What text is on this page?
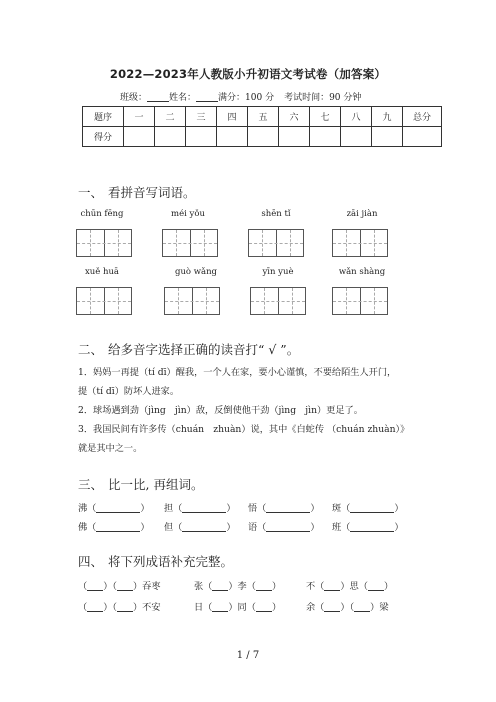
2022—2023年人教版小升初语文考试卷（加答案）
班级： 姓名： 满分：100 分 考试时间：90 分钟
题序	一	二	三	四	五	六	七	八	九	总分
得分										
一、 看拼音写词语。
chūn fēng	méi yǒu	shēn tǐ	zāi jiàn
xuě huā	guò wǎng	yīn yuè	wǎn shàng
二、 给多音字选择正确的读音打“ √ ”。
1．妈妈一再提（tí dī）醒我，一个人在家，要小心谨慎，不要给陌生人开门，
提（tí dī）防坏人进家。
2．球场遇到劲（jìng　jìn）敌，反倒使他干劲（jìng　jìn）更足了。
3．我国民间有许多传（chuán　zhuàn）说，其中《白蛇传 （chuán zhuàn）》
就是其中之一。
三、 比一比, 再组词。
沸（	） 担（	） 悟（	） 斑（	）
佛（	） 但（	） 语（	） 班（	）
四、 将下列成语补充完整。
（ ）（ ）吞枣	张（ ）李（ ）	不（ ）思（ ）
（ ）（ ）不安	日（ ）同（ ）	余（ ）（ ）梁
1 / 7
